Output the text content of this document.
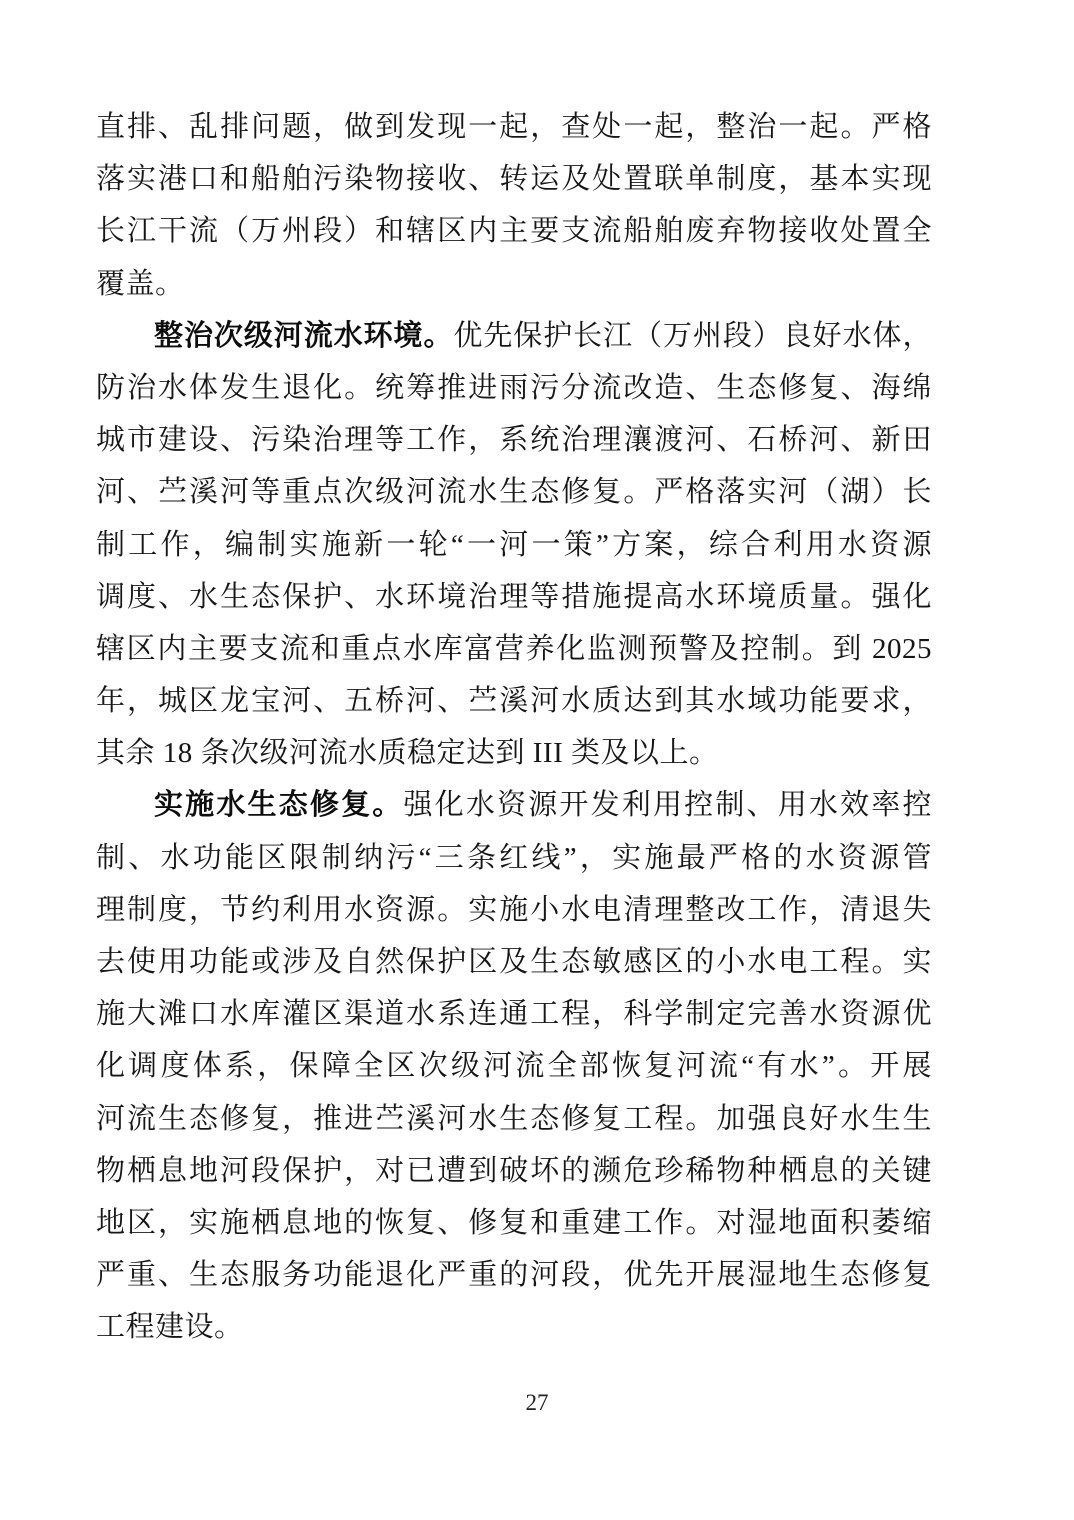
直排、乱排问题，做到发现一起，查处一起，整治一起。严格
落实港口和船舶污染物接收、转运及处置联单制度，基本实现
长江干流（万州段）和辖区内主要支流船舶废弃物接收处置全
覆盖。
整治次级河流水环境。优先保护长江（万州段）良好水体，
防治水体发生退化。统筹推进雨污分流改造、生态修复、海绵
城市建设、污染治理等工作，系统治理瀼渡河、石桥河、新田
河、苎溪河等重点次级河流水生态修复。严格落实河（湖）长
制工作，编制实施新一轮“一河一策”方案，综合利用水资源
调度、水生态保护、水环境治理等措施提高水环境质量。强化
辖区内主要支流和重点水库富营养化监测预警及控制。到 2025
年，城区龙宝河、五桥河、苎溪河水质达到其水域功能要求，
其余 18 条次级河流水质稳定达到 III 类及以上。
实施水生态修复。强化水资源开发利用控制、用水效率控
制、水功能区限制纳污“三条红线”，实施最严格的水资源管
理制度，节约利用水资源。实施小水电清理整改工作，清退失
去使用功能或涉及自然保护区及生态敏感区的小水电工程。实
施大滩口水库灌区渠道水系连通工程，科学制定完善水资源优
化调度体系，保障全区次级河流全部恢复河流“有水”。开展
河流生态修复，推进苎溪河水生态修复工程。加强良好水生生
物栖息地河段保护，对已遭到破坏的濒危珍稀物种栖息的关键
地区，实施栖息地的恢复、修复和重建工作。对湿地面积萎缩
严重、生态服务功能退化严重的河段，优先开展湿地生态修复
工程建设。
27
